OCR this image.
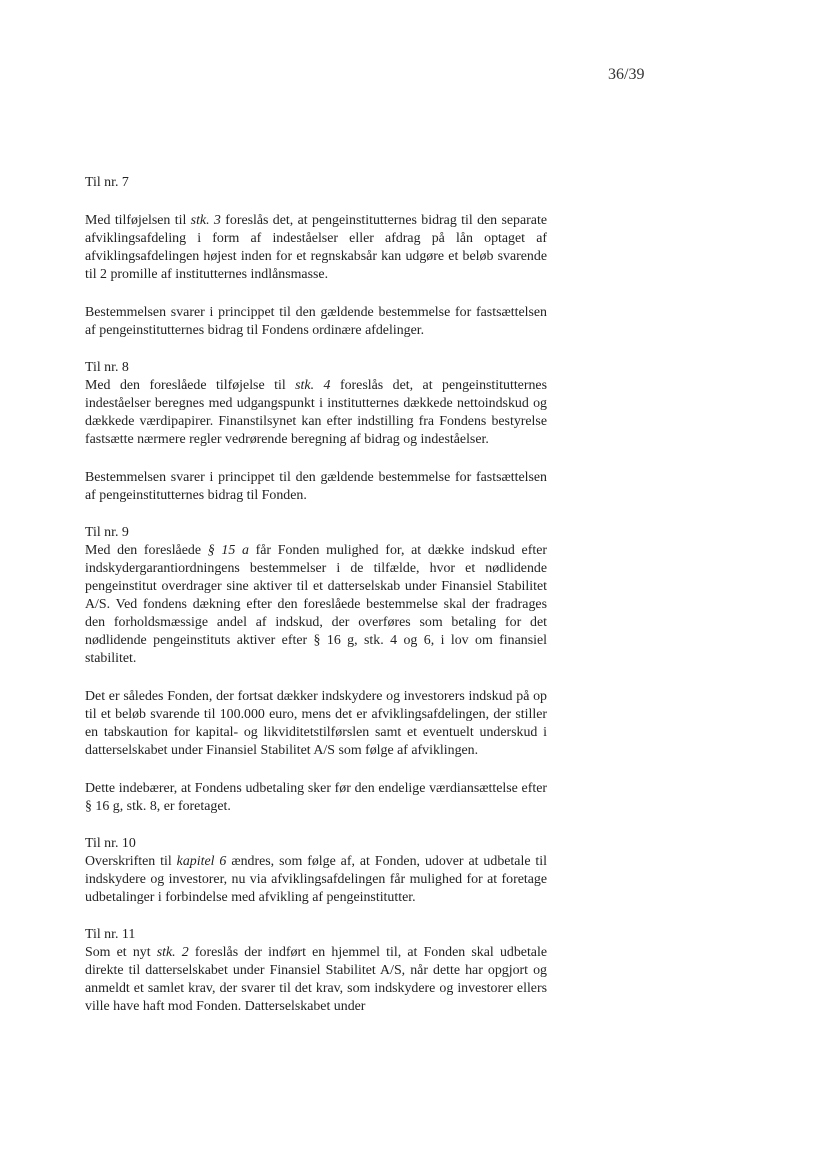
36/39

Til nr. 7

Med tilføjelsen til stk. 3 foreslås det, at pengeinstitutternes bidrag til den separate afviklingsafdeling i form af indeståelser eller afdrag på lån optaget af afviklingsafdelingen højest inden for et regnskabsår kan udgøre et beløb svarende til 2 promille af institutternes indlånsmasse.

Bestemmelsen svarer i princippet til den gældende bestemmelse for fastsættelsen af pengeinstitutternes bidrag til Fondens ordinære afdelinger.

Til nr. 8

Med den foreslåede tilføjelse til stk. 4 foreslås det, at pengeinstitutternes indeståelser beregnes med udgangspunkt i institutternes dækkede nettoindskud og dækkede værdipapirer. Finanstilsynet kan efter indstilling fra Fondens bestyrelse fastsætte nærmere regler vedrørende beregning af bidrag og indeståelser.

Bestemmelsen svarer i princippet til den gældende bestemmelse for fastsættelsen af pengeinstitutternes bidrag til Fonden.

Til nr. 9

Med den foreslåede § 15 a får Fonden mulighed for, at dække indskud efter indskydergarantiordningens bestemmelser i de tilfælde, hvor et nødlidende pengeinstitut overdrager sine aktiver til et datterselskab under Finansiel Stabilitet A/S. Ved fondens dækning efter den foreslåede bestemmelse skal der fradrages den forholdsmæssige andel af indskud, der overføres som betaling for det nødlidende pengeinstituts aktiver efter § 16 g, stk. 4 og 6, i lov om finansiel stabilitet.

Det er således Fonden, der fortsat dækker indskydere og investorers indskud på op til et beløb svarende til 100.000 euro, mens det er afviklingsafdelingen, der stiller en tabskaution for kapital- og likviditetstilførslen samt et eventuelt underskud i datterselskabet under Finansiel Stabilitet A/S som følge af afviklingen.

Dette indebærer, at Fondens udbetaling sker før den endelige værdiansættelse efter § 16 g, stk. 8, er foretaget.

Til nr. 10

Overskriften til kapitel 6 ændres, som følge af, at Fonden, udover at udbetale til indskydere og investorer, nu via afviklingsafdelingen får mulighed for at foretage udbetalinger i forbindelse med afvikling af pengeinstitutter.

Til nr. 11

Som et nyt stk. 2 foreslås der indført en hjemmel til, at Fonden skal udbetale direkte til datterselskabet under Finansiel Stabilitet A/S, når dette har opgjort og anmeldt et samlet krav, der svarer til det krav, som indskydere og investorer ellers ville have haft mod Fonden. Datterselskabet under
